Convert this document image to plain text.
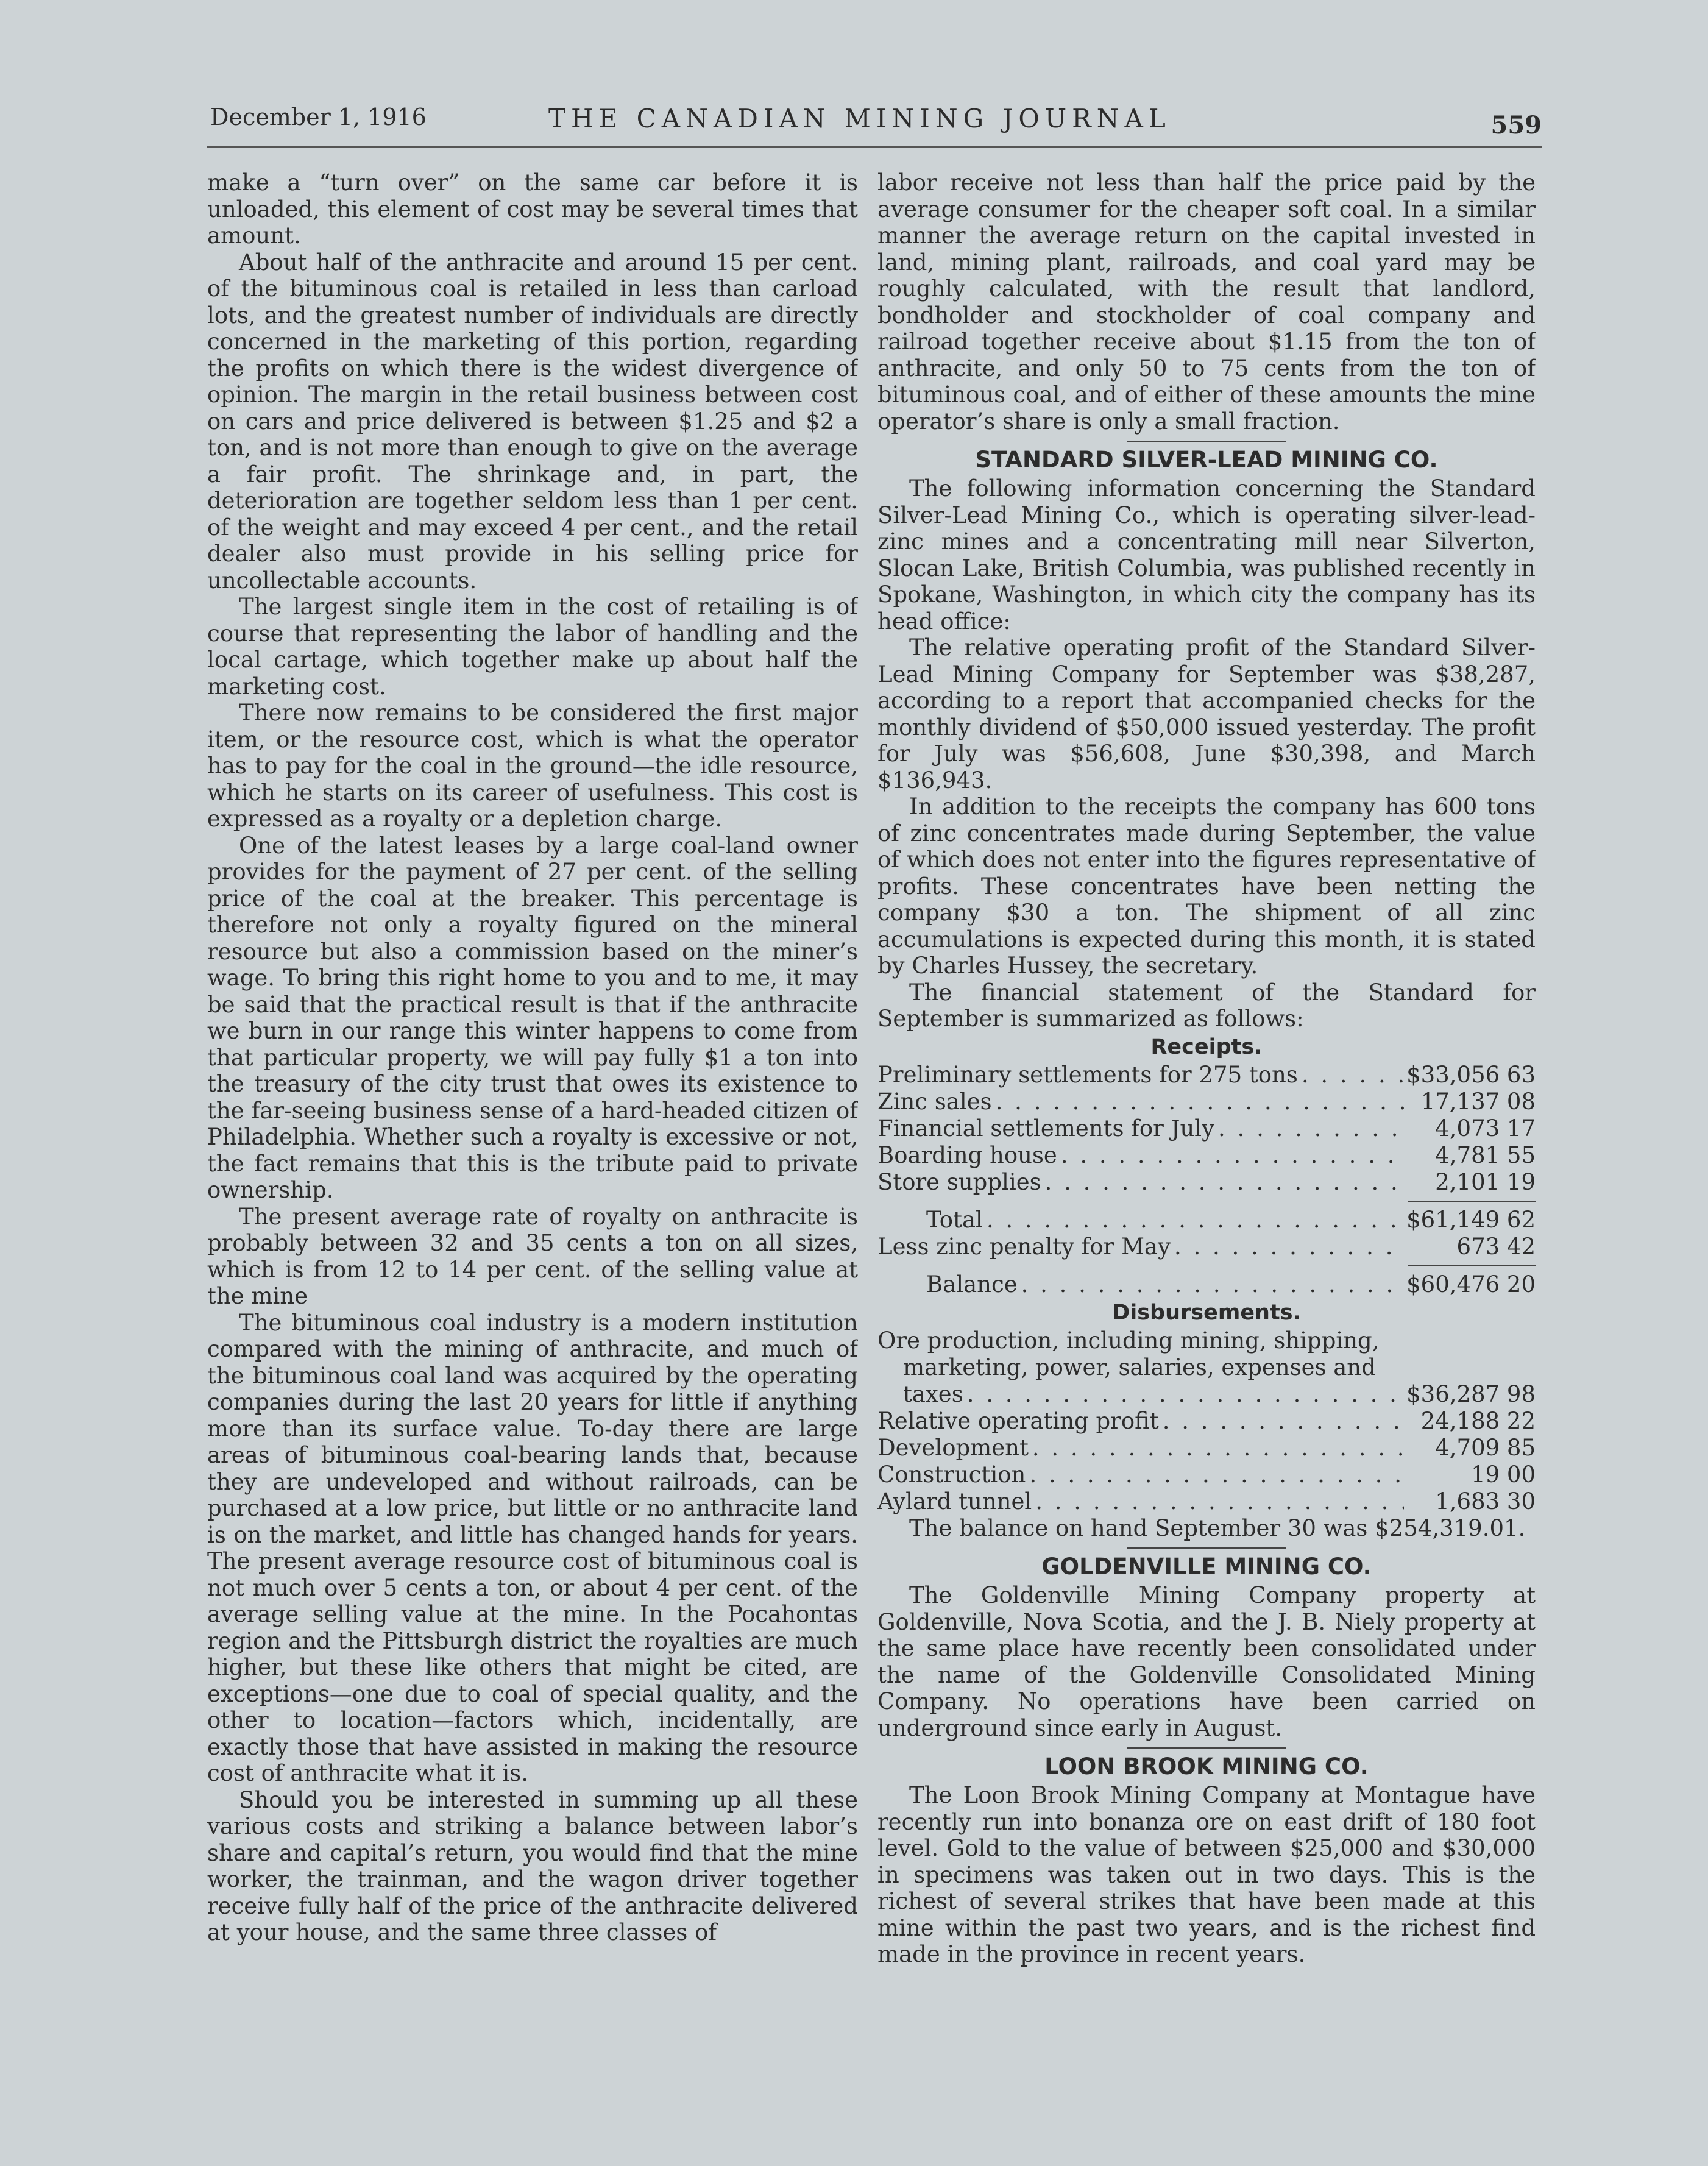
December 1, 1916	THE CANADIAN MINING JOURNAL	559

make a “turn over” on the same car before it is unloaded, this element of cost may be several times that amount.

About half of the anthracite and around 15 per cent. of the bituminous coal is retailed in less than carload lots, and the greatest number of individuals are directly concerned in the marketing of this portion, regarding the profits on which there is the widest divergence of opinion. The margin in the retail business between cost on cars and price delivered is between $1.25 and $2 a ton, and is not more than enough to give on the average a fair profit. The shrinkage and, in part, the deterioration are together seldom less than 1 per cent. of the weight and may exceed 4 per cent., and the retail dealer also must provide in his selling price for uncollectable accounts.

The largest single item in the cost of retailing is of course that representing the labor of handling and the local cartage, which together make up about half the marketing cost.

There now remains to be considered the first major item, or the resource cost, which is what the operator has to pay for the coal in the ground—the idle resource, which he starts on its career of usefulness. This cost is expressed as a royalty or a depletion charge.

One of the latest leases by a large coal-land owner provides for the payment of 27 per cent. of the selling price of the coal at the breaker. This percentage is therefore not only a royalty figured on the mineral resource but also a commission based on the miner’s wage. To bring this right home to you and to me, it may be said that the practical result is that if the anthracite we burn in our range this winter happens to come from that particular property, we will pay fully $1 a ton into the treasury of the city trust that owes its existence to the far-seeing business sense of a hard-headed citizen of Philadelphia. Whether such a royalty is excessive or not, the fact remains that this is the tribute paid to private ownership.

The present average rate of royalty on anthracite is probably between 32 and 35 cents a ton on all sizes, which is from 12 to 14 per cent. of the selling value at the mine

The bituminous coal industry is a modern institution compared with the mining of anthracite, and much of the bituminous coal land was acquired by the operating companies during the last 20 years for little if anything more than its surface value. To-day there are large areas of bituminous coal-bearing lands that, because they are undeveloped and without railroads, can be purchased at a low price, but little or no anthracite land is on the market, and little has changed hands for years. The present average resource cost of bituminous coal is not much over 5 cents a ton, or about 4 per cent. of the average selling value at the mine. In the Pocahontas region and the Pittsburgh district the royalties are much higher, but these like others that might be cited, are exceptions—one due to coal of special quality, and the other to location—factors which, incidentally, are exactly those that have assisted in making the resource cost of anthracite what it is.

Should you be interested in summing up all these various costs and striking a balance between labor’s share and capital’s return, you would find that the mine worker, the trainman, and the wagon driver together receive fully half of the price of the anthracite delivered at your house, and the same three classes of

labor receive not less than half the price paid by the average consumer for the cheaper soft coal. In a similar manner the average return on the capital invested in land, mining plant, railroads, and coal yard may be roughly calculated, with the result that landlord, bondholder and stockholder of coal company and railroad together receive about $1.15 from the ton of anthracite, and only 50 to 75 cents from the ton of bituminous coal, and of either of these amounts the mine operator’s share is only a small fraction.

STANDARD SILVER-LEAD MINING CO.

The following information concerning the Standard Silver-Lead Mining Co., which is operating silver-lead-zinc mines and a concentrating mill near Silverton, Slocan Lake, British Columbia, was published recently in Spokane, Washington, in which city the company has its head office:

The relative operating profit of the Standard Silver-Lead Mining Company for September was $38,287, according to a report that accompanied checks for the monthly dividend of $50,000 issued yesterday. The profit for July was $56,608, June $30,398, and March $136,943.

In addition to the receipts the company has 600 tons of zinc concentrates made during September, the value of which does not enter into the figures representative of profits. These concentrates have been netting the company $30 a ton. The shipment of all zinc accumulations is expected during this month, it is stated by Charles Hussey, the secretary.

The financial statement of the Standard for September is summarized as follows:

Receipts.
Preliminary settlements for 275 tons . . .	$33,056 63
Zinc sales . . .	17,137 08
Financial settlements for July . . .	4,073 17
Boarding house . . .	4,781 55
Store supplies . . .	2,101 19
Total . . .	$61,149 62
Less zinc penalty for May . . .	673 42
Balance . . .	$60,476 20
Disbursements.
Ore production, including mining, shipping,
marketing, power, salaries, expenses and
taxes . . .	$36,287 98
Relative operating profit . . .	24,188 22
Development . . .	4,709 85
Construction . . .	19 00
Aylard tunnel . . .	1,683 30

The balance on hand September 30 was $254,319.01.

GOLDENVILLE MINING CO.

The Goldenville Mining Company property at Goldenville, Nova Scotia, and the J. B. Niely property at the same place have recently been consolidated under the name of the Goldenville Consolidated Mining Company. No operations have been carried on underground since early in August.

LOON BROOK MINING CO.

The Loon Brook Mining Company at Montague have recently run into bonanza ore on east drift of 180 foot level. Gold to the value of between $25,000 and $30,000 in specimens was taken out in two days. This is the richest of several strikes that have been made at this mine within the past two years, and is the richest find made in the province in recent years.
